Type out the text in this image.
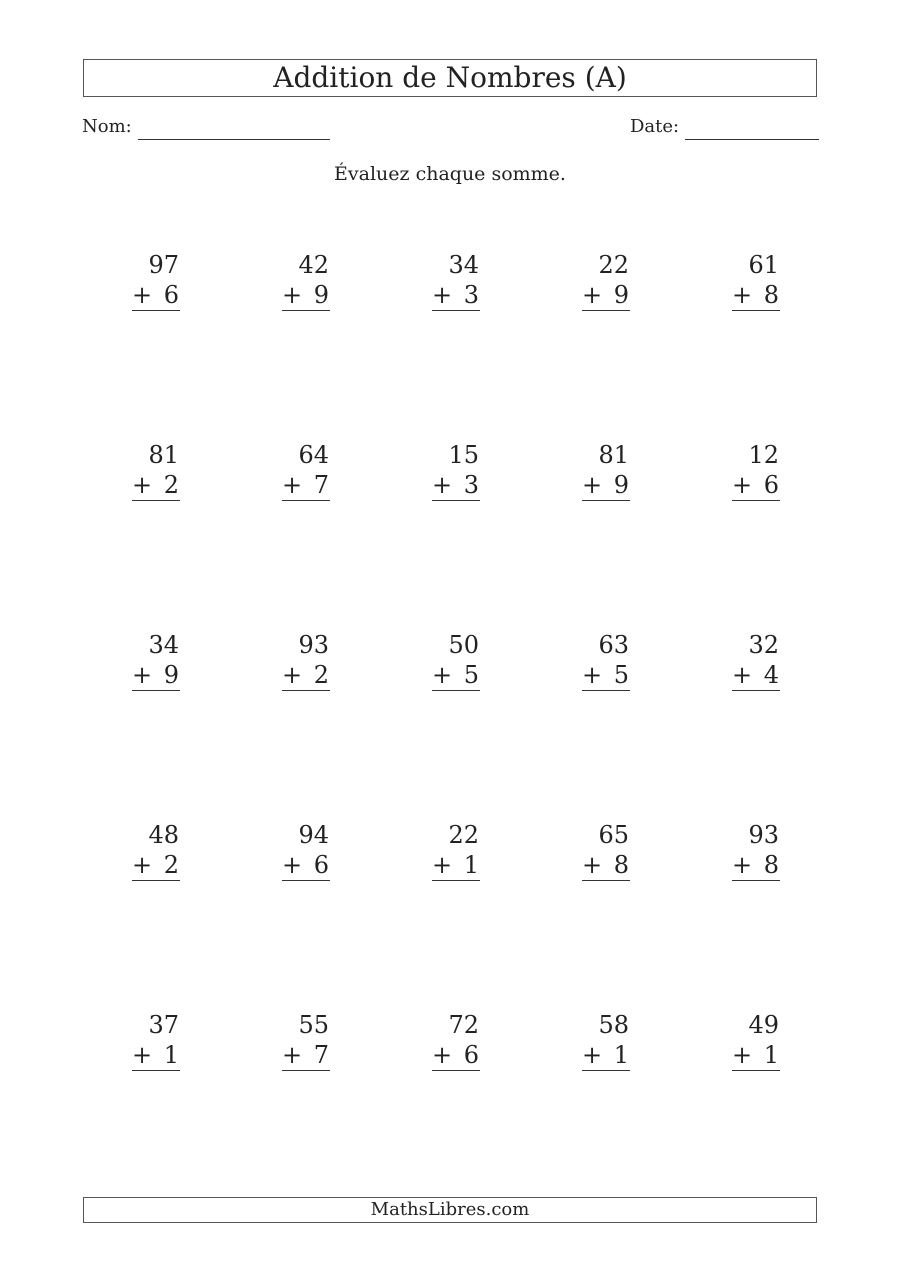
Addition de Nombres (A)
Nom:	Date:
Évaluez chaque somme.
97
+ 6
42
+ 9
34
+ 3
22
+ 9
61
+ 8
81
+ 2
64
+ 7
15
+ 3
81
+ 9
12
+ 6
34
+ 9
93
+ 2
50
+ 5
63
+ 5
32
+ 4
48
+ 2
94
+ 6
22
+ 1
65
+ 8
93
+ 8
37
+ 1
55
+ 7
72
+ 6
58
+ 1
49
+ 1
MathsLibres.com
